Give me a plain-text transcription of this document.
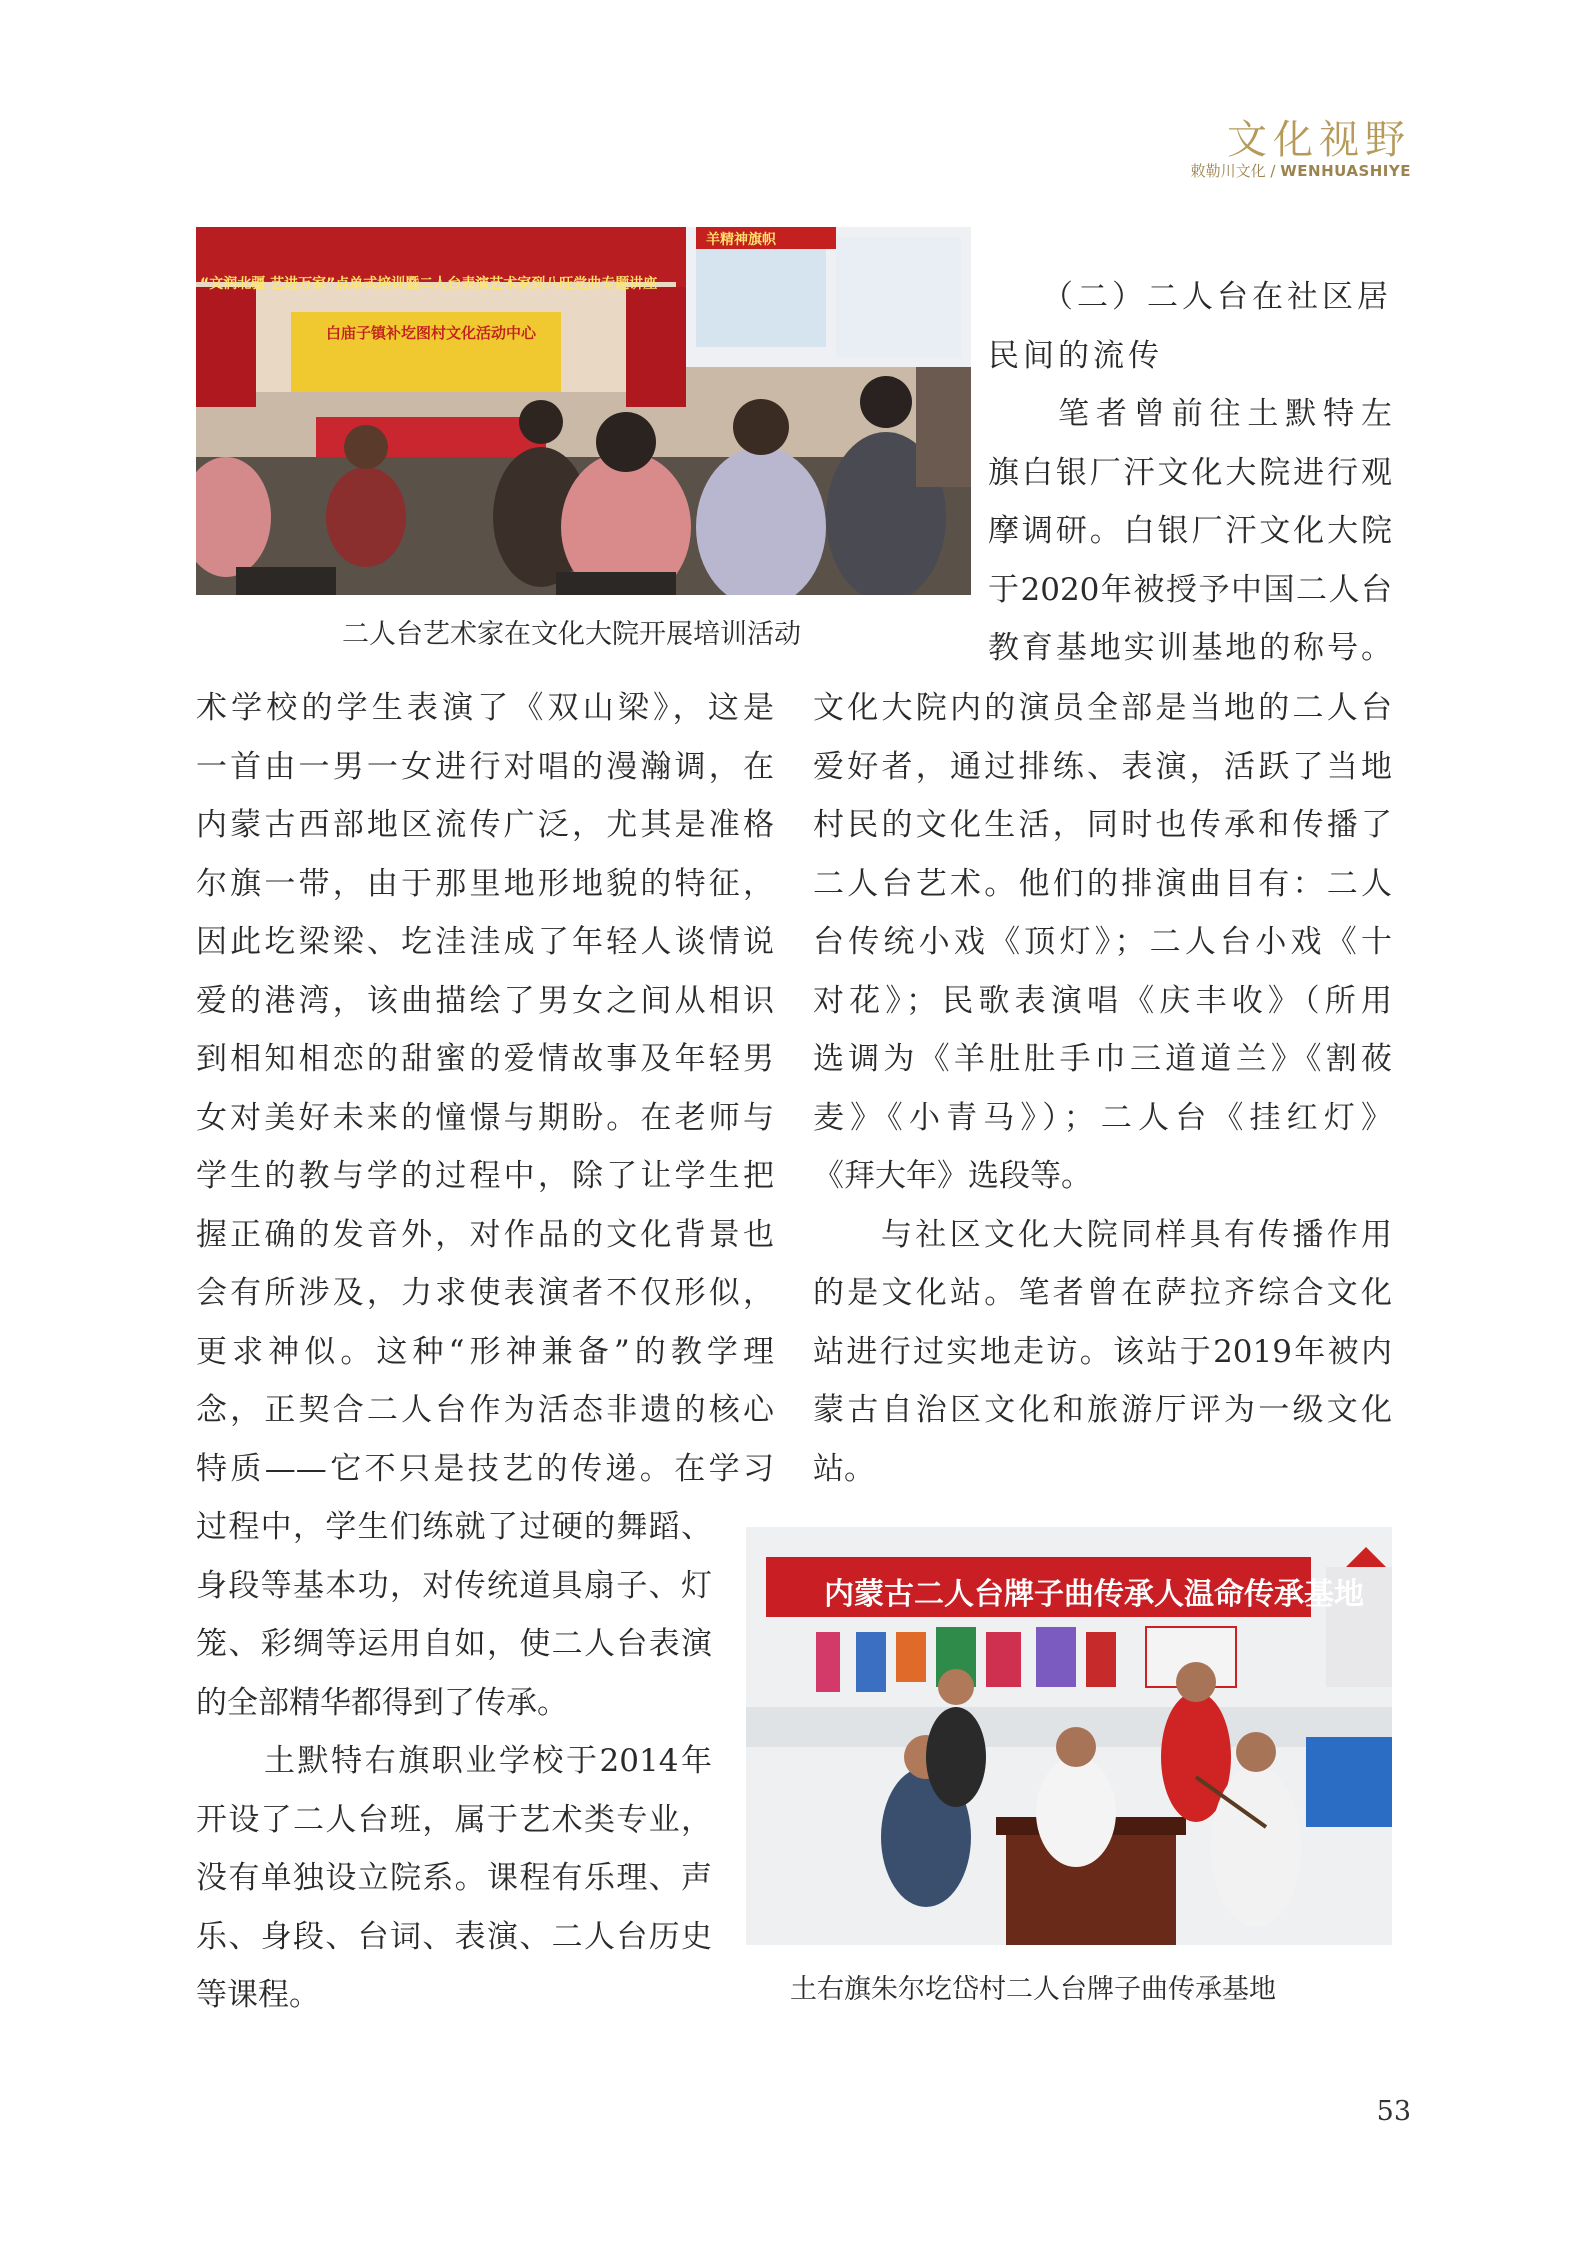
文化视野
敕勒川文化 / WENHUASHIYE
“文润北疆 艺进万家”点单式培训暨二人台表演艺术家到八旺党曲专题讲座
白庙子镇补圪图村文化活动中心
羊精神旗帜
二人台艺术家在文化大院开展培训活动
（二）二人台在社区居
民间的流传
笔者曾前往土默特左
旗白银厂汗文化大院进行观
摩调研。白银厂汗文化大院
于2020年被授予中国二人台
教育基地实训基地的称号。
术学校的学生表演了《双山梁》，这是
一首由一男一女进行对唱的漫瀚调，在
内蒙古西部地区流传广泛，尤其是准格
尔旗一带，由于那里地形地貌的特征，
因此圪梁梁、圪洼洼成了年轻人谈情说
爱的港湾，该曲描绘了男女之间从相识
到相知相恋的甜蜜的爱情故事及年轻男
女对美好未来的憧憬与期盼。在老师与
学生的教与学的过程中，除了让学生把
握正确的发音外，对作品的文化背景也
会有所涉及，力求使表演者不仅形似，
更求神似。这种“形神兼备”的教学理
念，正契合二人台作为活态非遗的核心
特质——它不只是技艺的传递。在学习
过程中，学生们练就了过硬的舞蹈、
身段等基本功，对传统道具扇子、灯
笼、彩绸等运用自如，使二人台表演
的全部精华都得到了传承。
土默特右旗职业学校于2014年
开设了二人台班，属于艺术类专业，
没有单独设立院系。课程有乐理、声
乐、身段、台词、表演、二人台历史
等课程。
文化大院内的演员全部是当地的二人台
爱好者，通过排练、表演，活跃了当地
村民的文化生活，同时也传承和传播了
二人台艺术。他们的排演曲目有：二人
台传统小戏《顶灯》；二人台小戏《十
对花》；民歌表演唱《庆丰收》（所用
选调为《羊肚肚手巾三道道兰》《割莜
麦》《小青马》）；二人台《挂红灯》
《拜大年》选段等。
与社区文化大院同样具有传播作用
的是文化站。笔者曾在萨拉齐综合文化
站进行过实地走访。该站于2019年被内
蒙古自治区文化和旅游厅评为一级文化
站。
内蒙古二人台牌子曲传承人温命传承基地
土右旗朱尔圪岱村二人台牌子曲传承基地
53
